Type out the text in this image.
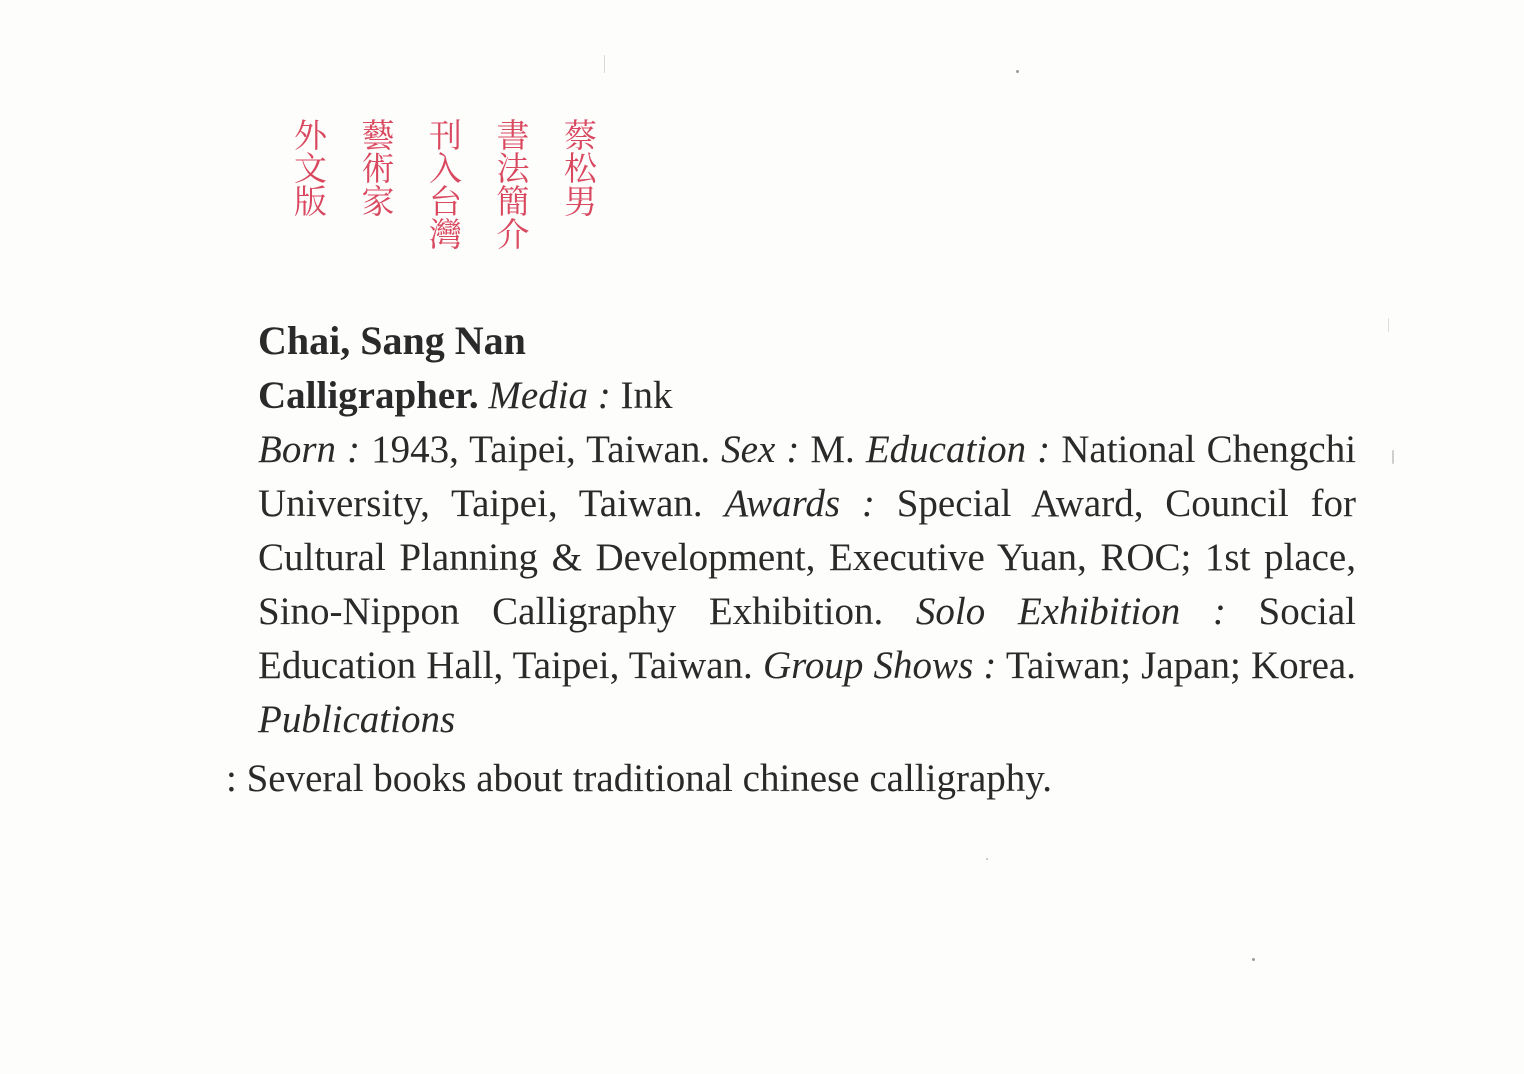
蔡松男
書法簡介
刊入台灣
藝術家
外文版
Chai, Sang Nan
Calligrapher. Media : Ink
Born : 1943, Taipei, Taiwan. Sex : M. Education : National Chengchi University, Taipei, Taiwan. Awards : Special Award, Council for Cultural Planning & Development, Executive Yuan, ROC; 1st place, Sino-Nippon Calligraphy Exhibition. Solo Exhibition : Social Education Hall, Taipei, Taiwan. Group Shows : Taiwan; Japan; Korea. Publications
: Several books about traditional chinese calligraphy.
